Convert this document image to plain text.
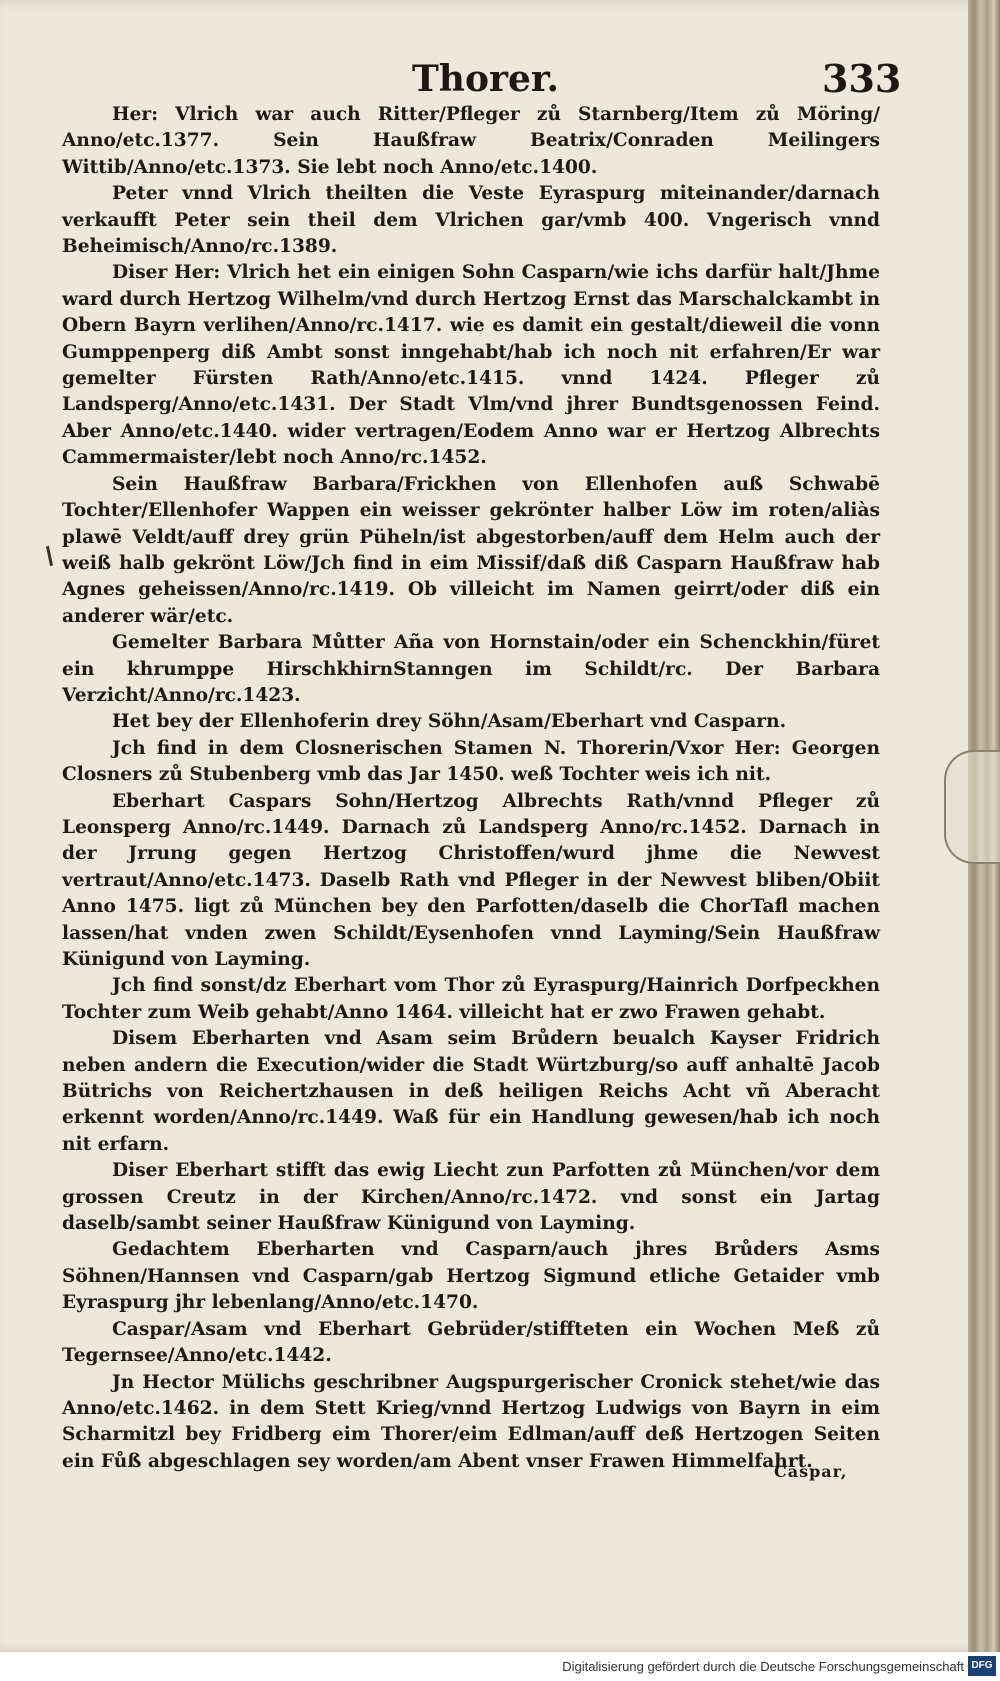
Thorer.	333

Her: Vlrich war auch Ritter/Pfleger zů Starnberg/Item zů Möring/ Anno/etc.1377. Sein Haußfraw Beatrix/Conraden Meilingers Wittib/Anno/etc.1373. Sie lebt noch Anno/etc.1400.

Peter vnnd Vlrich theilten die Veste Eyraspurg miteinander/darnach verkaufft Peter sein theil dem Vlrichen gar/vmb 400. Vngerisch vnnd Beheimisch/Anno/rc.1389.

Diser Her: Vlrich het ein einigen Sohn Casparn/wie ichs darfür halt/Jhme ward durch Hertzog Wilhelm/vnd durch Hertzog Ernst das Marschalckambt in Obern Bayrn verlihen/Anno/rc.1417. wie es damit ein gestalt/dieweil die vonn Gumppenperg diß Ambt sonst inngehabt/hab ich noch nit erfahren/Er war gemelter Fürsten Rath/Anno/etc.1415. vnnd 1424. Pfleger zů Landsperg/Anno/etc.1431. Der Stadt Vlm/vnd jhrer Bundtsgenossen Feind. Aber Anno/etc.1440. wider vertragen/Eodem Anno war er Hertzog Albrechts Cammermaister/lebt noch Anno/rc.1452.

Sein Haußfraw Barbara/Frickhen von Ellenhofen auß Schwabē Tochter/Ellenhofer Wappen ein weisser gekrönter halber Löw im roten/aliàs plawē Veldt/auff drey grün Püheln/ist abgestorben/auff dem Helm auch der weiß halb gekrönt Löw/Jch find in eim Missif/daß diß Casparn Haußfraw hab Agnes geheissen/Anno/rc.1419. Ob villeicht im Namen geirrt/oder diß ein anderer wär/etc.

Gemelter Barbara Můtter Aña von Hornstain/oder ein Schenckhin/füret ein khrumppe HirschkhirnStanngen im Schildt/rc. Der Barbara Verzicht/Anno/rc.1423.

Het bey der Ellenhoferin drey Söhn/Asam/Eberhart vnd Casparn.

Jch find in dem Closnerischen Stamen N. Thorerin/Vxor Her: Georgen Closners zů Stubenberg vmb das Jar 1450. weß Tochter weis ich nit.

Eberhart Caspars Sohn/Hertzog Albrechts Rath/vnnd Pfleger zů Leonsperg Anno/rc.1449. Darnach zů Landsperg Anno/rc.1452. Darnach in der Jrrung gegen Hertzog Christoffen/wurd jhme die Newvest vertraut/Anno/etc.1473. Daselb Rath vnd Pfleger in der Newvest bliben/Obiit Anno 1475. ligt zů München bey den Parfotten/daselb die ChorTafl machen lassen/hat vnden zwen Schildt/Eysenhofen vnnd Layming/Sein Haußfraw Künigund von Layming.

Jch find sonst/dz Eberhart vom Thor zů Eyraspurg/Hainrich Dorfpeckhen Tochter zum Weib gehabt/Anno 1464. villeicht hat er zwo Frawen gehabt.

Disem Eberharten vnd Asam seim Brůdern beualch Kayser Fridrich neben andern die Execution/wider die Stadt Würtzburg/so auff anhaltē Jacob Bütrichs von Reichertzhausen in deß heiligen Reichs Acht vñ Aberacht erkennt worden/Anno/rc.1449. Waß für ein Handlung gewesen/hab ich noch nit erfarn.

Diser Eberhart stifft das ewig Liecht zun Parfotten zů München/vor dem grossen Creutz in der Kirchen/Anno/rc.1472. vnd sonst ein Jartag daselb/sambt seiner Haußfraw Künigund von Layming.

Gedachtem Eberharten vnd Casparn/auch jhres Brůders Asms Söhnen/Hannsen vnd Casparn/gab Hertzog Sigmund etliche Getaider vmb Eyraspurg jhr lebenlang/Anno/etc.1470.

Caspar/Asam vnd Eberhart Gebrüder/stiffteten ein Wochen Meß zů Tegernsee/Anno/etc.1442.

Jn Hector Mülichs geschribner Augspurgerischer Cronick stehet/wie das Anno/etc.1462. in dem Stett Krieg/vnnd Hertzog Ludwigs von Bayrn in eim Scharmitzl bey Fridberg eim Thorer/eim Edlman/auff deß Hertzogen Seiten ein Fůß abgeschlagen sey worden/am Abent vnser Frawen Himmelfahrt.

Caspar,
Digitalisierung gefördert durch die Deutsche Forschungsgemeinschaft DFG
